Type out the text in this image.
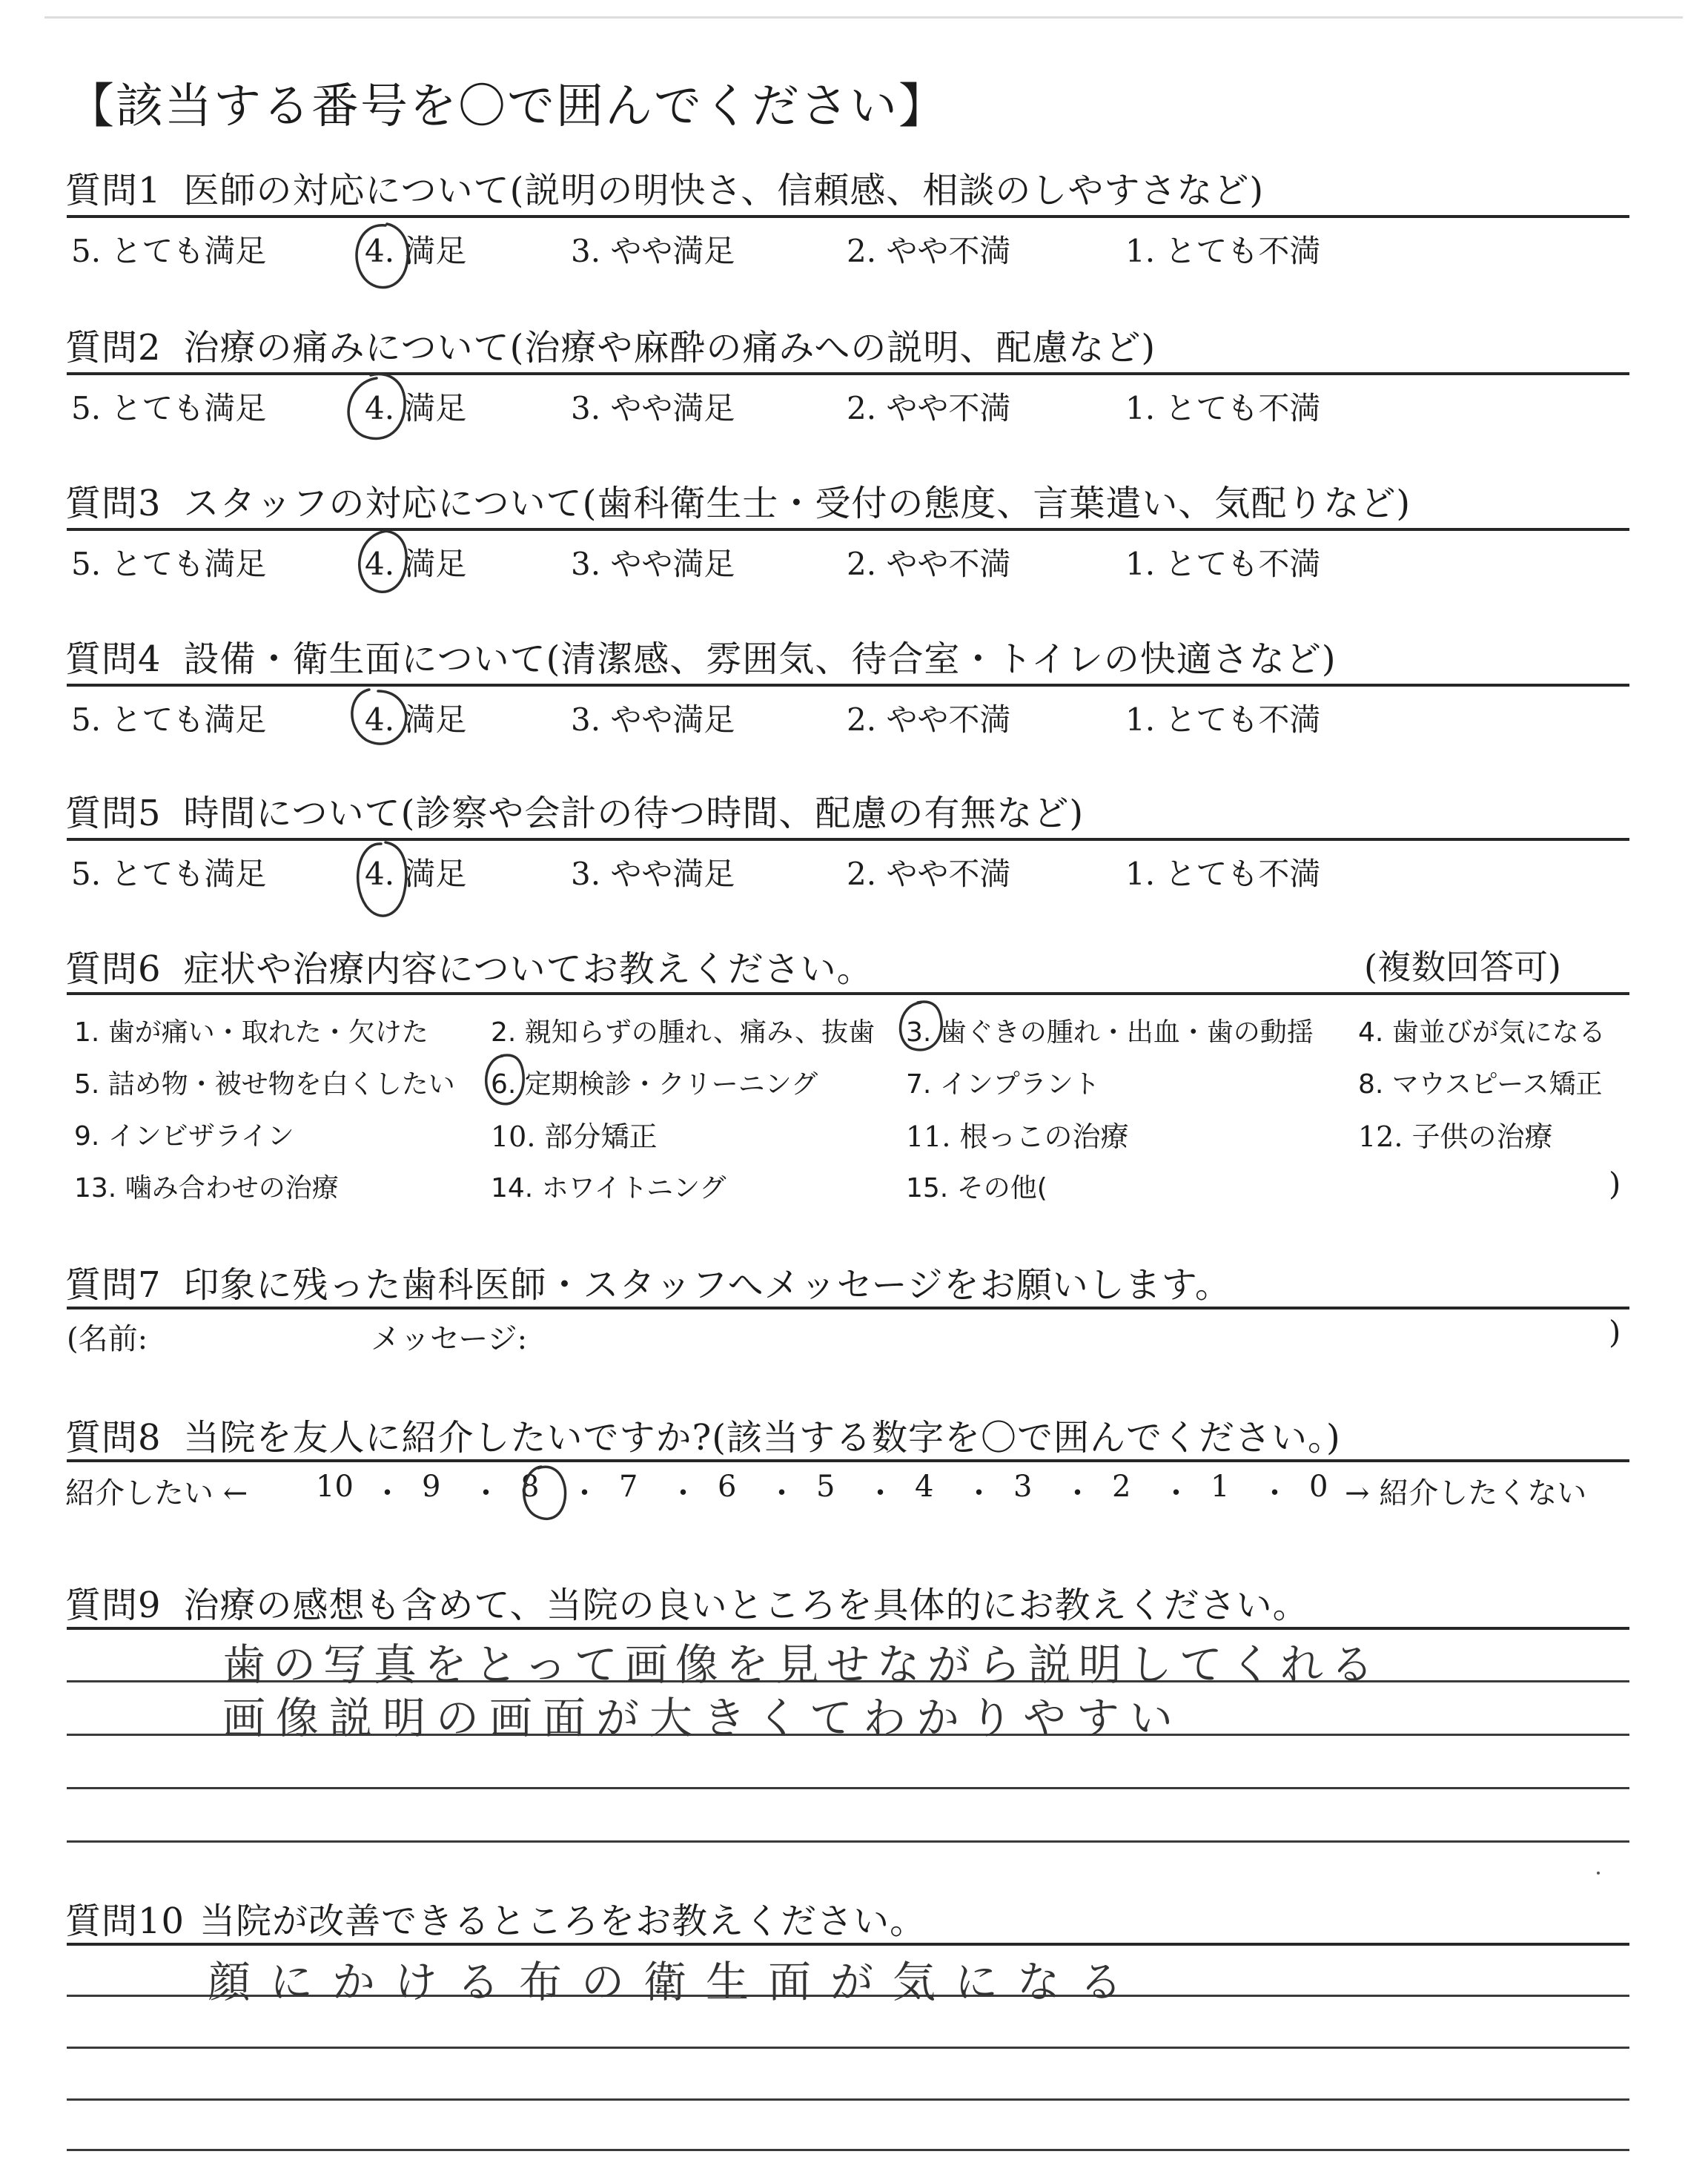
【該当する番号を〇で囲んでください】
質問1 医師の対応について(説明の明快さ、信頼感、相談のしやすさなど)
5. とても満足	4. 満足	3. やや満足	2. やや不満	1. とても不満
質問2 治療の痛みについて(治療や麻酔の痛みへの説明、配慮など)
5. とても満足	4. 満足	3. やや満足	2. やや不満	1. とても不満
質問3 スタッフの対応について(歯科衛生士・受付の態度、言葉遣い、気配りなど)
5. とても満足	4. 満足	3. やや満足	2. やや不満	1. とても不満
質問4 設備・衛生面について(清潔感、雰囲気、待合室・トイレの快適さなど)
5. とても満足	4. 満足	3. やや満足	2. やや不満	1. とても不満
質問5 時間について(診察や会計の待つ時間、配慮の有無など)
5. とても満足	4. 満足	3. やや満足	2. やや不満	1. とても不満
質問6 症状や治療内容についてお教えください。	(複数回答可)
1. 歯が痛い・取れた・欠けた 2. 親知らずの腫れ、痛み、抜歯 3. 歯ぐきの腫れ・出血・歯の動揺 4. 歯並びが気になる
5. 詰め物・被せ物を白くしたい 6. 定期検診・クリーニング	7. インプラント	8. マウスピース矯正
9. インビザライン	10. 部分矯正	11. 根っこの治療	12. 子供の治療
13. 噛み合わせの治療	14. ホワイトニング	15. その他(	)
質問7 印象に残った歯科医師・スタッフへメッセージをお願いします。
(名前:	メッセージ:	)
質問8 当院を友人に紹介したいですか?(該当する数字を〇で囲んでください。)
紹介したい ← 10 ・ 9 ・ 8 ・ 7 ・ 6 ・ 5 ・ 4 ・ 3 ・ 2 ・ 1 ・ 0 → 紹介したくない
質問9 治療の感想も含めて、当院の良いところを具体的にお教えください。
歯の写真をとって画像を見せながら説明してくれる
画像説明の画面が大きくてわかりやすい
質問10 当院が改善できるところをお教えください。
顔にかける布の衛生面が気になる
